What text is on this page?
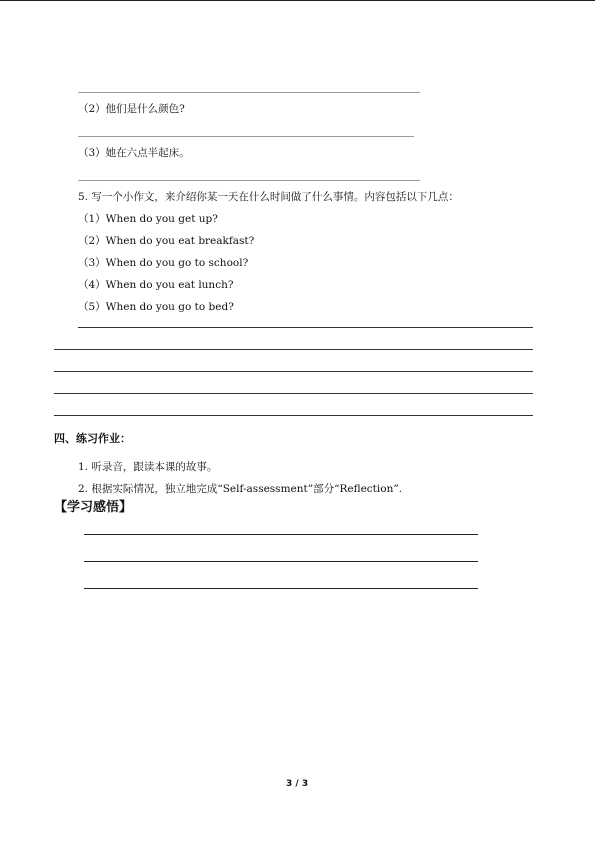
（2）他们是什么颜色?
（3）她在六点半起床。
5. 写一个小作文，来介绍你某一天在什么时间做了什么事情。内容包括以下几点：
（1）When do you get up?
（2）When do you eat breakfast?
（3）When do you go to school?
（4）When do you eat lunch?
（5）When do you go to bed?
四、练习作业：
1. 听录音，跟读本课的故事。
2. 根据实际情况，独立地完成“Self-assessment”部分“Reflection”.
【学习感悟】
3 / 3
